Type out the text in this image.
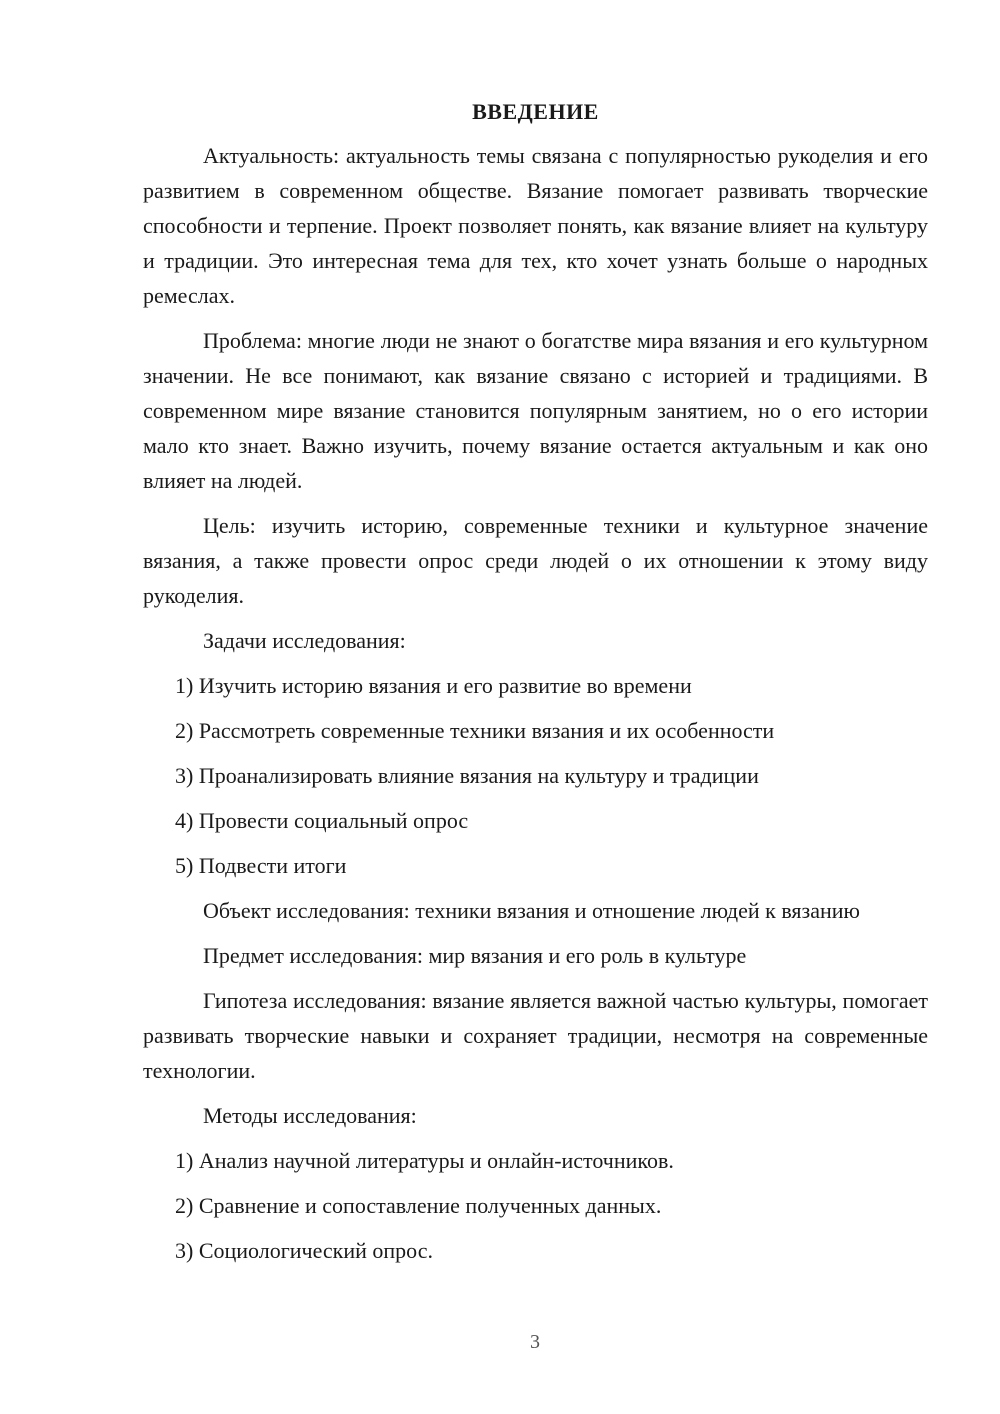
ВВЕДЕНИЕ

Актуальность: актуальность темы связана с популярностью рукоделия и его развитием в современном обществе. Вязание помогает развивать творческие способности и терпение. Проект позволяет понять, как вязание влияет на культуру и традиции. Это интересная тема для тех, кто хочет узнать больше о народных ремеслах.

Проблема: многие люди не знают о богатстве мира вязания и его культурном значении. Не все понимают, как вязание связано с историей и традициями. В современном мире вязание становится популярным занятием, но о его истории мало кто знает. Важно изучить, почему вязание остается актуальным и как оно влияет на людей.

Цель: изучить историю, современные техники и культурное значение вязания, а также провести опрос среди людей о их отношении к этому виду рукоделия.

Задачи исследования:

1) Изучить историю вязания и его развитие во времени
2) Рассмотреть современные техники вязания и их особенности
3) Проанализировать влияние вязания на культуру и традиции
4) Провести социальный опрос
5) Подвести итоги

Объект исследования: техники вязания и отношение людей к вязанию

Предмет исследования: мир вязания и его роль в культуре

Гипотеза исследования: вязание является важной частью культуры, помогает развивать творческие навыки и сохраняет традиции, несмотря на современные технологии.

Методы исследования:

1) Анализ научной литературы и онлайн-источников.
2) Сравнение и сопоставление полученных данных.
3) Социологический опрос.
3
